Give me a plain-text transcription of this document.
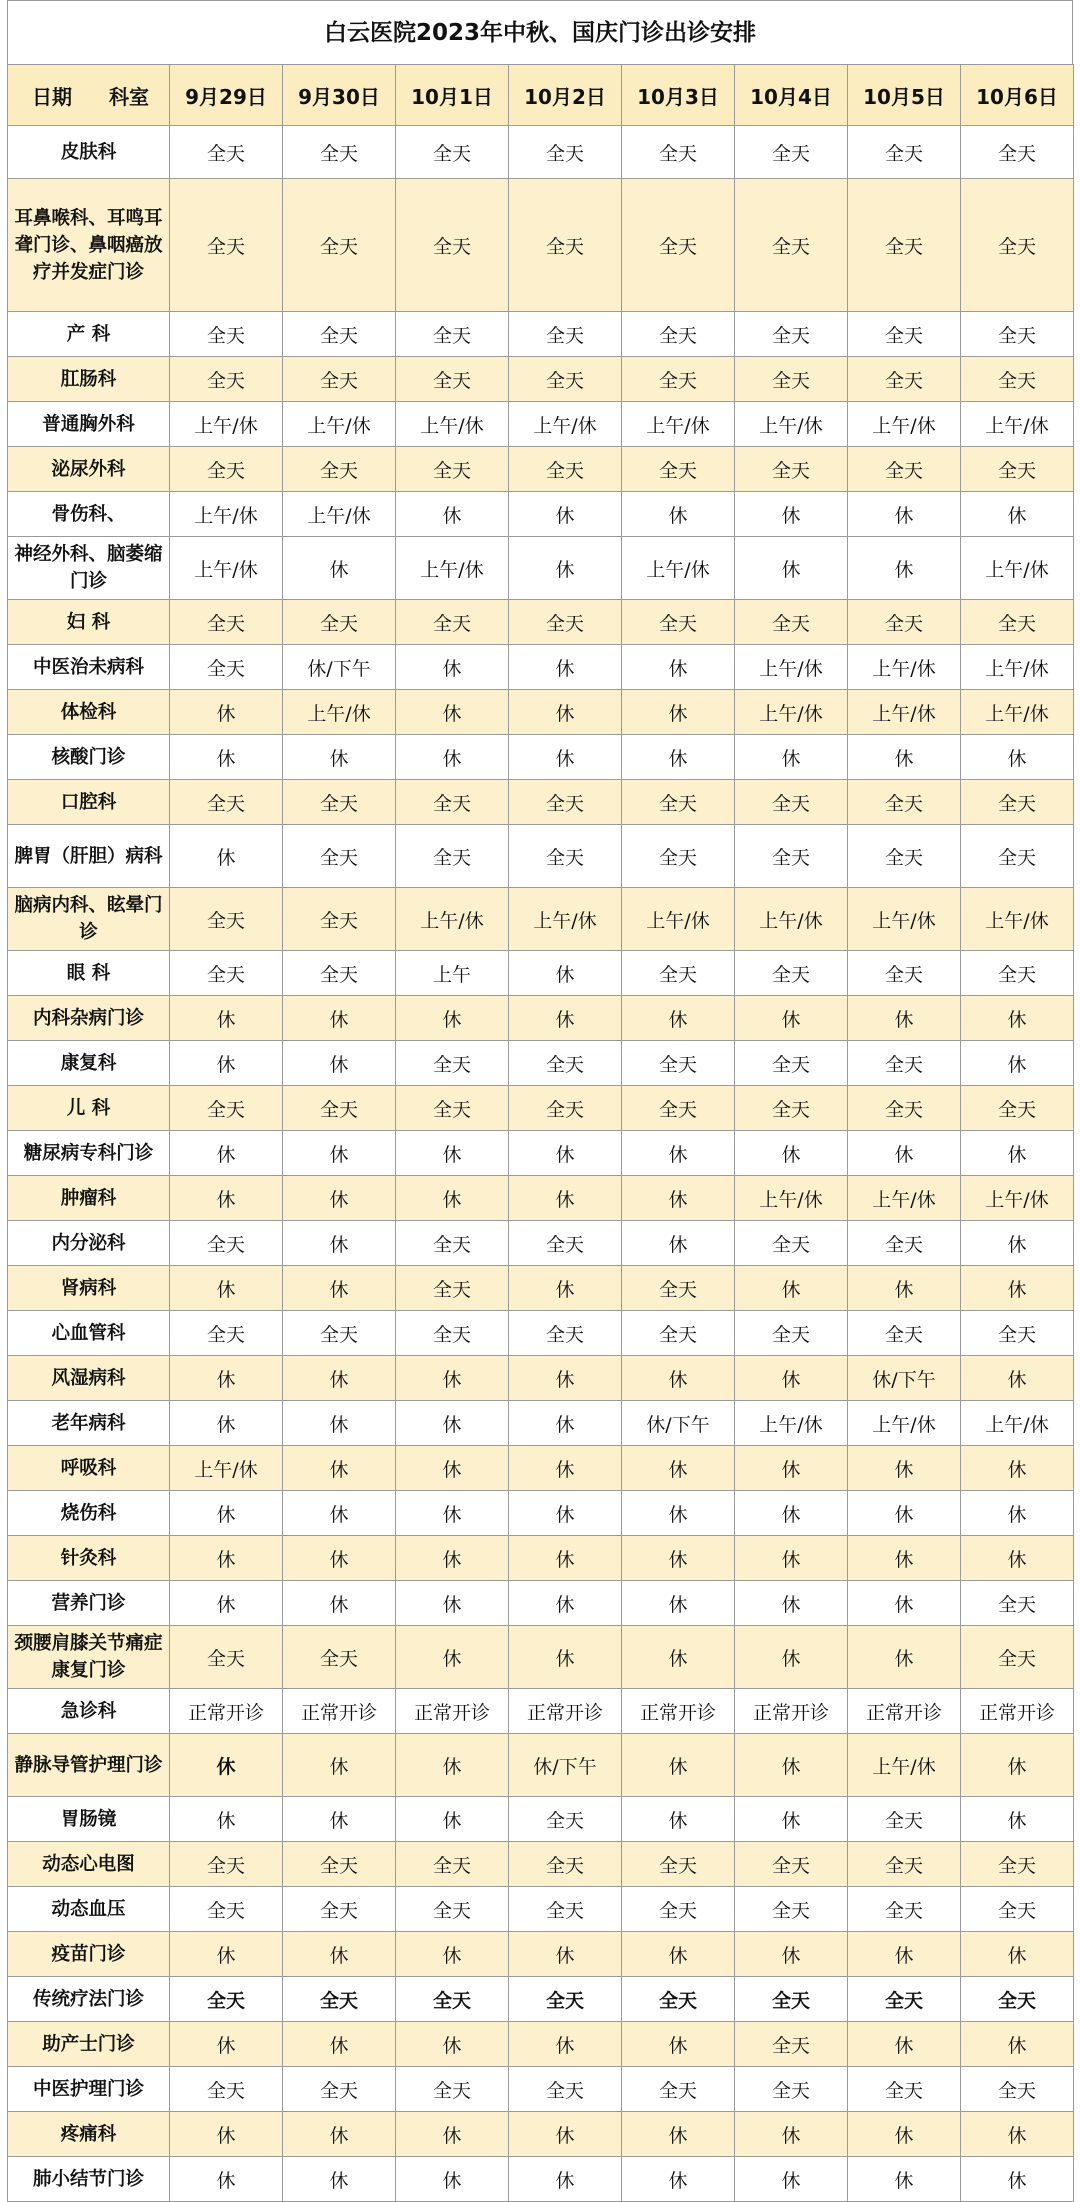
白云医院2023年中秋、国庆门诊出诊安排
日期 科室	9月29日	9月30日	10月1日	10月2日	10月3日	10月4日	10月5日	10月6日
皮肤科	全天	全天	全天	全天	全天	全天	全天	全天
耳鼻喉科、耳鸣耳聋门诊、鼻咽癌放疗并发症门诊	全天	全天	全天	全天	全天	全天	全天	全天
产 科	全天	全天	全天	全天	全天	全天	全天	全天
肛肠科	全天	全天	全天	全天	全天	全天	全天	全天
普通胸外科	上午/休	上午/休	上午/休	上午/休	上午/休	上午/休	上午/休	上午/休
泌尿外科	全天	全天	全天	全天	全天	全天	全天	全天
骨伤科、	上午/休	上午/休	休	休	休	休	休	休
神经外科、脑萎缩门诊	上午/休	休	上午/休	休	上午/休	休	休	上午/休
妇 科	全天	全天	全天	全天	全天	全天	全天	全天
中医治未病科	全天	休/下午	休	休	休	上午/休	上午/休	上午/休
体检科	休	上午/休	休	休	休	上午/休	上午/休	上午/休
核酸门诊	休	休	休	休	休	休	休	休
口腔科	全天	全天	全天	全天	全天	全天	全天	全天
脾胃（肝胆）病科	休	全天	全天	全天	全天	全天	全天	全天
脑病内科、眩晕门诊	全天	全天	上午/休	上午/休	上午/休	上午/休	上午/休	上午/休
眼 科	全天	全天	上午	休	全天	全天	全天	全天
内科杂病门诊	休	休	休	休	休	休	休	休
康复科	休	休	全天	全天	全天	全天	全天	休
儿 科	全天	全天	全天	全天	全天	全天	全天	全天
糖尿病专科门诊	休	休	休	休	休	休	休	休
肿瘤科	休	休	休	休	休	上午/休	上午/休	上午/休
内分泌科	全天	休	全天	全天	休	全天	全天	休
肾病科	休	休	全天	休	全天	休	休	休
心血管科	全天	全天	全天	全天	全天	全天	全天	全天
风湿病科	休	休	休	休	休	休	休/下午	休
老年病科	休	休	休	休	休/下午	上午/休	上午/休	上午/休
呼吸科	上午/休	休	休	休	休	休	休	休
烧伤科	休	休	休	休	休	休	休	休
针灸科	休	休	休	休	休	休	休	休
营养门诊	休	休	休	休	休	休	休	全天
颈腰肩膝关节痛症康复门诊	全天	全天	休	休	休	休	休	全天
急诊科	正常开诊	正常开诊	正常开诊	正常开诊	正常开诊	正常开诊	正常开诊	正常开诊
静脉导管护理门诊	休	休	休	休/下午	休	休	上午/休	休
胃肠镜	休	休	休	全天	休	休	全天	休
动态心电图	全天	全天	全天	全天	全天	全天	全天	全天
动态血压	全天	全天	全天	全天	全天	全天	全天	全天
疫苗门诊	休	休	休	休	休	休	休	休
传统疗法门诊	全天	全天	全天	全天	全天	全天	全天	全天
助产士门诊	休	休	休	休	休	全天	休	休
中医护理门诊	全天	全天	全天	全天	全天	全天	全天	全天
疼痛科	休	休	休	休	休	休	休	休
肺小结节门诊	休	休	休	休	休	休	休	休
